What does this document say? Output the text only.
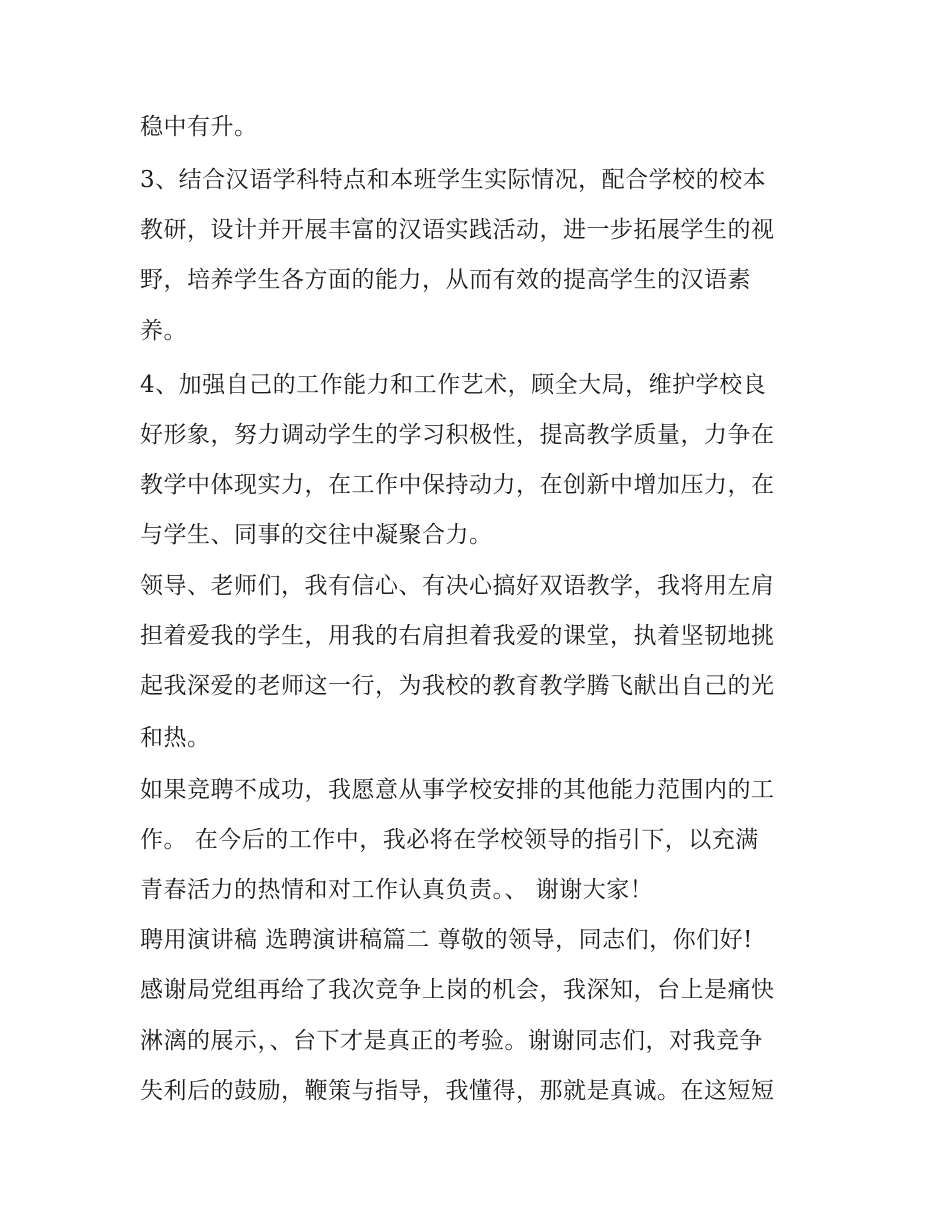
稳中有升。
3、结合汉语学科特点和本班学生实际情况，配合学校的校本
教研，设计并开展丰富的汉语实践活动，进一步拓展学生的视
野，培养学生各方面的能力，从而有效的提高学生的汉语素
养。
4、加强自己的工作能力和工作艺术，顾全大局，维护学校良
好形象，努力调动学生的学习积极性，提高教学质量，力争在
教学中体现实力，在工作中保持动力，在创新中增加压力，在
与学生、同事的交往中凝聚合力。
领导、老师们，我有信心、有决心搞好双语教学，我将用左肩
担着爱我的学生，用我的右肩担着我爱的课堂，执着坚韧地挑
起我深爱的老师这一行，为我校的教育教学腾飞献出自己的光
和热。
如果竞聘不成功，我愿意从事学校安排的其他能力范围内的工
作。 在今后的工作中，我必将在学校领导的指引下，以充满
青春活力的热情和对工作认真负责。、 谢谢大家！
聘用演讲稿 选聘演讲稿篇二 尊敬的领导，同志们，你们好!
感谢局党组再给了我次竞争上岗的机会，我深知，台上是痛快
淋漓的展示，、台下才是真正的考验。谢谢同志们，对我竞争
失利后的鼓励，鞭策与指导，我懂得，那就是真诚。在这短短
